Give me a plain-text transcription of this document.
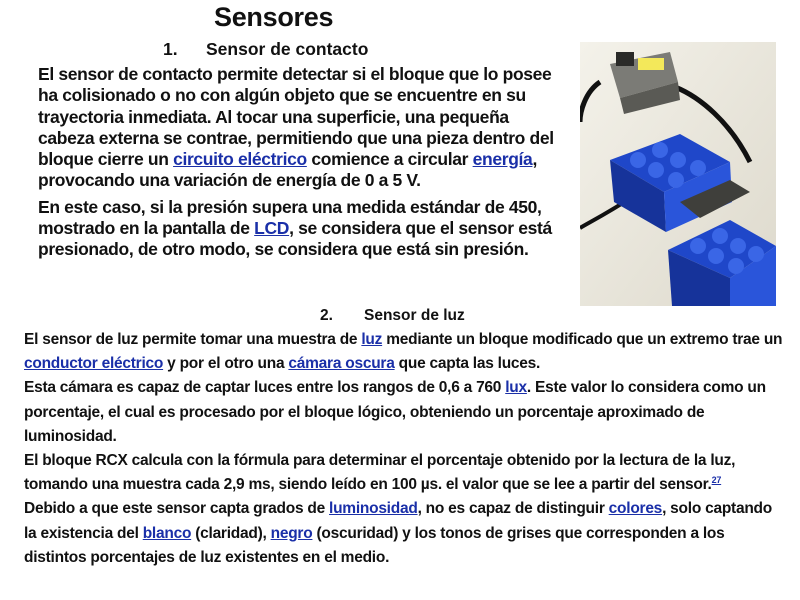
Sensores
1. Sensor de contacto

El sensor de contacto permite detectar si el bloque que lo posee ha colisionado o no con algún objeto que se encuentre en su trayectoria inmediata. Al tocar una superficie, una pequeña cabeza externa se contrae, permitiendo que una pieza dentro del bloque cierre un circuito eléctrico comience a circular energía, provocando una variación de energía de 0 a 5 V.

En este caso, si la presión supera una medida estándar de 450, mostrado en la pantalla de LCD, se considera que el sensor está presionado, de otro modo, se considera que está sin presión.

2. Sensor de luz

El sensor de luz permite tomar una muestra de luz mediante un bloque modificado que un extremo trae un conductor eléctrico y por el otro una cámara oscura que capta las luces.

Esta cámara es capaz de captar luces entre los rangos de 0,6 a 760 lux. Este valor lo considera como un porcentaje, el cual es procesado por el bloque lógico, obteniendo un porcentaje aproximado de luminosidad.

El bloque RCX calcula con la fórmula para determinar el porcentaje obtenido por la lectura de la luz, tomando una muestra cada 2,9 ms, siendo leído en 100 µs. el valor que se lee a partir del sensor.$^{27}$

Debido a que este sensor capta grados de luminosidad, no es capaz de distinguir colores, solo captando la existencia del blanco (claridad), negro (oscuridad) y los tonos de grises que corresponden a los distintos porcentajes de luz existentes en el medio.
